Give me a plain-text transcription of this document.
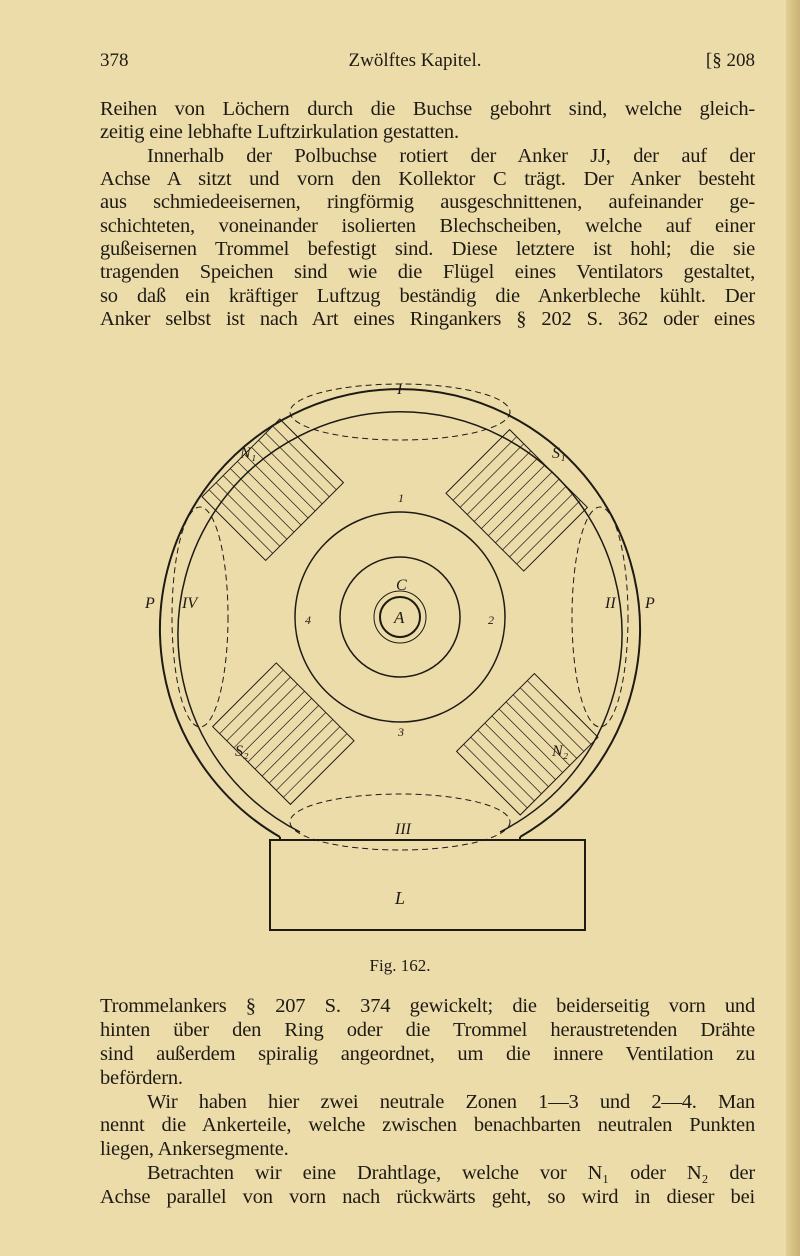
378	Zwölftes Kapitel.	[§ 208
Reihen von Löchern durch die Buchse gebohrt sind, welche gleich-
zeitig eine lebhafte Luftzirkulation gestatten.
Innerhalb der Polbuchse rotiert der Anker JJ, der auf der
Achse A sitzt und vorn den Kollektor C trägt. Der Anker besteht
aus schmiedeeisernen, ringförmig ausgeschnittenen, aufeinander ge-
schichteten, voneinander isolierten Blechscheiben, welche auf einer
gußeisernen Trommel befestigt sind. Diese letztere ist hohl; die sie
tragenden Speichen sind wie die Flügel eines Ventilators gestaltet,
so daß ein kräftiger Luftzug beständig die Ankerbleche kühlt. Der
Anker selbst ist nach Art eines Ringankers § 202 S. 362 oder eines
I
II
III
IV
P	P
L
C
A
S₁
S₂
N₁
N₂
1
2
3
4
Fig. 162.
Trommelankers § 207 S. 374 gewickelt; die beiderseitig vorn und
hinten über den Ring oder die Trommel heraustretenden Drähte
sind außerdem spiralig angeordnet, um die innere Ventilation zu
befördern.
Wir haben hier zwei neutrale Zonen 1—3 und 2—4. Man
nennt die Ankerteile, welche zwischen benachbarten neutralen Punkten
liegen, Ankersegmente.
Betrachten wir eine Drahtlage, welche vor N₁ oder N₂ der
Achse parallel von vorn nach rückwärts geht, so wird in dieser bei
